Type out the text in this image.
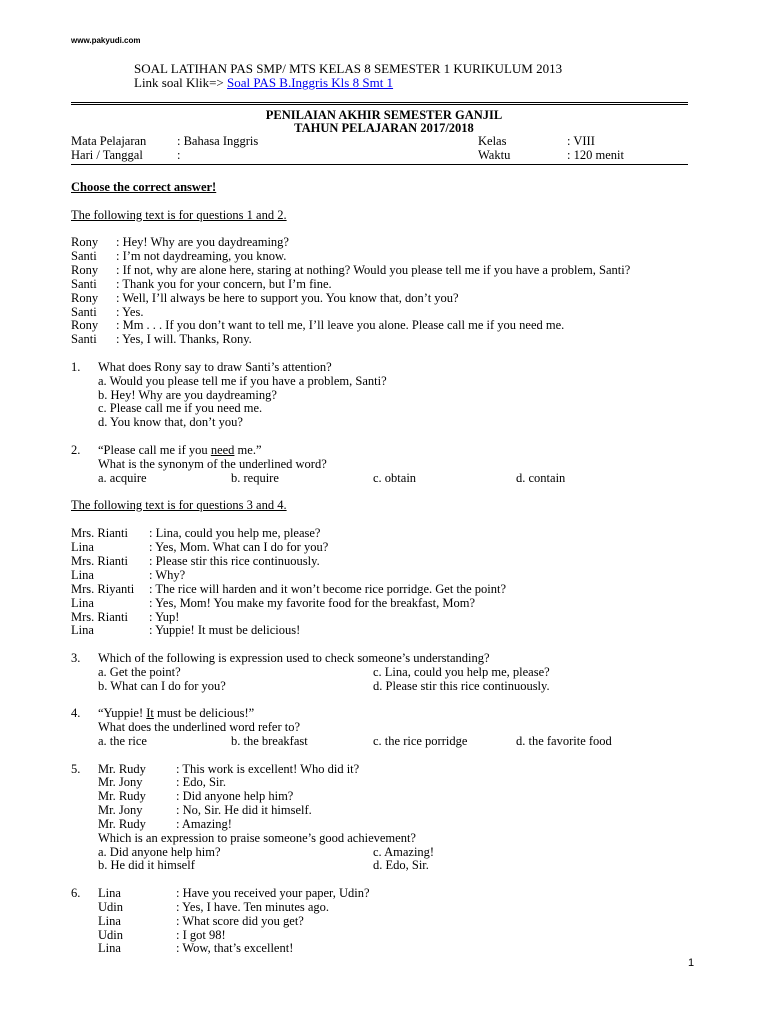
www.pakyudi.com
SOAL LATIHAN PAS SMP/ MTS KELAS 8 SEMESTER 1 KURIKULUM 2013
Link soal Klik=> Soal PAS B.Inggris Kls 8 Smt 1
PENILAIAN AKHIR SEMESTER GANJIL
TAHUN PELAJARAN 2017/2018
Mata Pelajaran : Bahasa Inggris	Kelas	: VIII
Hari / Tanggal	:	Waktu	: 120 menit
Choose the correct answer!
The following text is for questions 1 and 2.
Rony : Hey! Why are you daydreaming?
Santi : I’m not daydreaming, you know.
Rony : If not, why are alone here, staring at nothing? Would you please tell me if you have a problem, Santi?
Santi : Thank you for your concern, but I’m fine.
Rony : Well, I’ll always be here to support you. You know that, don’t you?
Santi : Yes.
Rony : Mm . . . If you don’t want to tell me, I’ll leave you alone. Please call me if you need me.
Santi : Yes, I will. Thanks, Rony.
1. What does Rony say to draw Santi’s attention?
a. Would you please tell me if you have a problem, Santi?
b. Hey! Why are you daydreaming?
c. Please call me if you need me.
d. You know that, don’t you?
2. “Please call me if you need me.”
What is the synonym of the underlined word?
a. acquire	b. require	c. obtain	d. contain
The following text is for questions 3 and 4.
Mrs. Rianti : Lina, could you help me, please?
Lina	: Yes, Mom. What can I do for you?
Mrs. Rianti : Please stir this rice continuously.
Lina	: Why?
Mrs. Riyanti : The rice will harden and it won’t become rice porridge. Get the point?
Lina	: Yes, Mom! You make my favorite food for the breakfast, Mom?
Mrs. Rianti : Yup!
Lina	: Yuppie! It must be delicious!
3. Which of the following is expression used to check someone’s understanding?
a. Get the point?	c. Lina, could you help me, please?
b. What can I do for you?	d. Please stir this rice continuously.
4. “Yuppie! It must be delicious!”
What does the underlined word refer to?
a. the rice	b. the breakfast	c. the rice porridge	d. the favorite food
5. Mr. Rudy : This work is excellent! Who did it?
Mr. Jony	: Edo, Sir.
Mr. Rudy : Did anyone help him?
Mr. Jony	: No, Sir. He did it himself.
Mr. Rudy : Amazing!
Which is an expression to praise someone’s good achievement?
a. Did anyone help him?	c. Amazing!
b. He did it himself	d. Edo, Sir.
6. Lina	: Have you received your paper, Udin?
Udin	: Yes, I have. Ten minutes ago.
Lina	: What score did you get?
Udin	: I got 98!
Lina	: Wow, that’s excellent!
1
